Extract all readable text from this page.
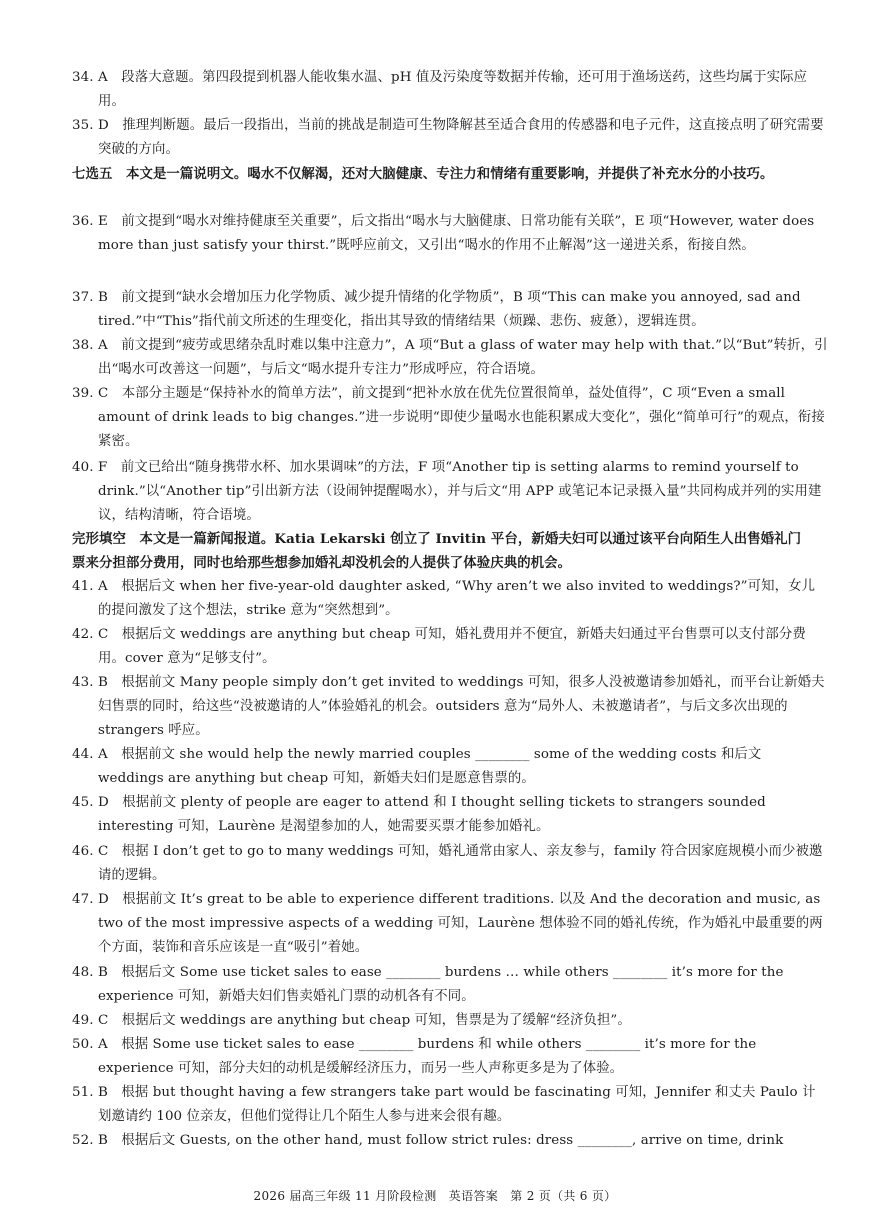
34. A　段落大意题。第四段提到机器人能收集水温、pH 值及污染度等数据并传输，还可用于渔场送药，这些均属于实际应用。
35. D　推理判断题。最后一段指出，当前的挑战是制造可生物降解甚至适合食用的传感器和电子元件，这直接点明了研究需要突破的方向。
七选五　本文是一篇说明文。喝水不仅解渴，还对大脑健康、专注力和情绪有重要影响，并提供了补充水分的小技巧。
36. E　前文提到“喝水对维持健康至关重要”，后文指出“喝水与大脑健康、日常功能有关联”，E 项“However, water does more than just satisfy your thirst.”既呼应前文，又引出“喝水的作用不止解渴”这一递进关系，衔接自然。
37. B　前文提到“缺水会增加压力化学物质、减少提升情绪的化学物质”，B 项“This can make you annoyed, sad and tired.”中“This”指代前文所述的生理变化，指出其导致的情绪结果（烦躁、悲伤、疲惫），逻辑连贯。
38. A　前文提到“疲劳或思绪杂乱时难以集中注意力”，A 项“But a glass of water may help with that.”以“But”转折，引出“喝水可改善这一问题”，与后文“喝水提升专注力”形成呼应，符合语境。
39. C　本部分主题是“保持补水的简单方法”，前文提到“把补水放在优先位置很简单，益处值得”，C 项“Even a small amount of drink leads to big changes.”进一步说明“即使少量喝水也能积累成大变化”，强化“简单可行”的观点，衔接紧密。
40. F　前文已给出“随身携带水杯、加水果调味”的方法，F 项“Another tip is setting alarms to remind yourself to drink.”以“Another tip”引出新方法（设闹钟提醒喝水），并与后文“用 APP 或笔记本记录摄入量”共同构成并列的实用建议，结构清晰，符合语境。
完形填空　本文是一篇新闻报道。Katia Lekarski 创立了 Invitin 平台，新婚夫妇可以通过该平台向陌生人出售婚礼门票来分担部分费用，同时也给那些想参加婚礼却没机会的人提供了体验庆典的机会。
41. A　根据后文 when her five-year-old daughter asked, “Why aren’t we also invited to weddings?”可知，女儿的提问激发了这个想法，strike 意为“突然想到”。
42. C　根据后文 weddings are anything but cheap 可知，婚礼费用并不便宜，新婚夫妇通过平台售票可以支付部分费用。cover 意为“足够支付”。
43. B　根据前文 Many people simply don’t get invited to weddings 可知，很多人没被邀请参加婚礼，而平台让新婚夫妇售票的同时，给这些“没被邀请的人”体验婚礼的机会。outsiders 意为“局外人、未被邀请者”，与后文多次出现的 strangers 呼应。
44. A　根据前文 she would help the newly married couples ________ some of the wedding costs 和后文 weddings are anything but cheap 可知，新婚夫妇们是愿意售票的。
45. D　根据前文 plenty of people are eager to attend 和 I thought selling tickets to strangers sounded interesting 可知，Laurène 是渴望参加的人，她需要买票才能参加婚礼。
46. C　根据 I don’t get to go to many weddings 可知，婚礼通常由家人、亲友参与，family 符合因家庭规模小而少被邀请的逻辑。
47. D　根据前文 It’s great to be able to experience different traditions. 以及 And the decoration and music, as two of the most impressive aspects of a wedding 可知，Laurène 想体验不同的婚礼传统，作为婚礼中最重要的两个方面，装饰和音乐应该是一直“吸引”着她。
48. B　根据后文 Some use ticket sales to ease ________ burdens … while others ________ it’s more for the experience 可知，新婚夫妇们售卖婚礼门票的动机各有不同。
49. C　根据后文 weddings are anything but cheap 可知，售票是为了缓解“经济负担”。
50. A　根据 Some use ticket sales to ease ________ burdens 和 while others ________ it’s more for the experience 可知，部分夫妇的动机是缓解经济压力，而另一些人声称更多是为了体验。
51. B　根据 but thought having a few strangers take part would be fascinating 可知，Jennifer 和丈夫 Paulo 计划邀请约 100 位亲友，但他们觉得让几个陌生人参与进来会很有趣。
52. B　根据后文 Guests, on the other hand, must follow strict rules: dress ________, arrive on time, drink
2026 届高三年级 11 月阶段检测　英语答案　第 2 页（共 6 页）
